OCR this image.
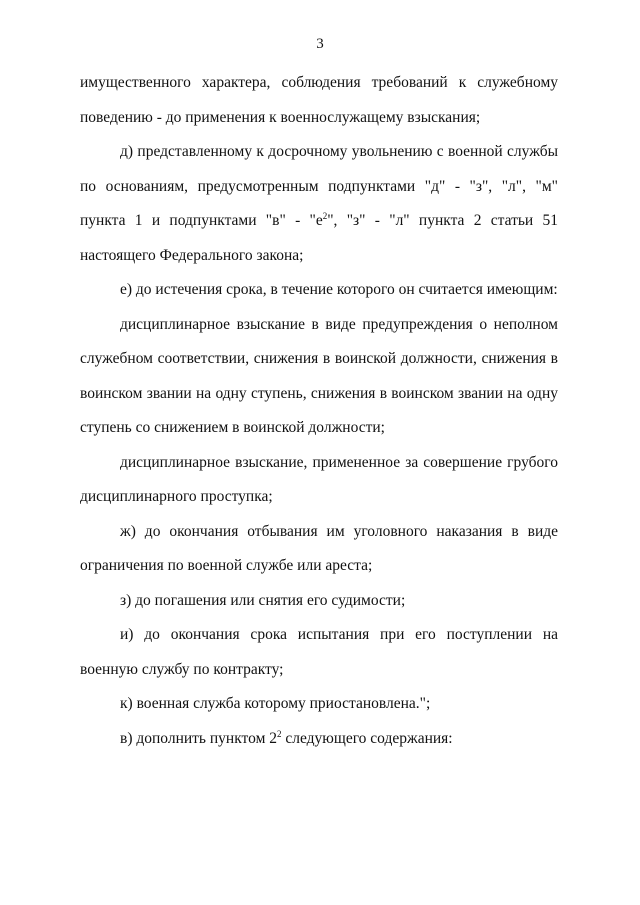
3

имущественного характера, соблюдения требований к служебному поведению - до применения к военнослужащему взыскания;

д) представленному к досрочному увольнению с военной службы по основаниям, предусмотренным подпунктами "д" - "з", "л", "м" пункта 1 и подпунктами "в" - "$е^2$", "з" - "л" пункта 2 статьи 51 настоящего Федерального закона;

е) до истечения срока, в течение которого он считается имеющим:

дисциплинарное взыскание в виде предупреждения о неполном служебном соответствии, снижения в воинской должности, снижения в воинском звании на одну ступень, снижения в воинском звании на одну ступень со снижением в воинской должности;

дисциплинарное взыскание, примененное за совершение грубого дисциплинарного проступка;

ж) до окончания отбывания им уголовного наказания в виде ограничения по военной службе или ареста;

з) до погашения или снятия его судимости;

и) до окончания срока испытания при его поступлении на военную службу по контракту;

к) военная служба которому приостановлена.";

в) дополнить пунктом $2^2$ следующего содержания:
